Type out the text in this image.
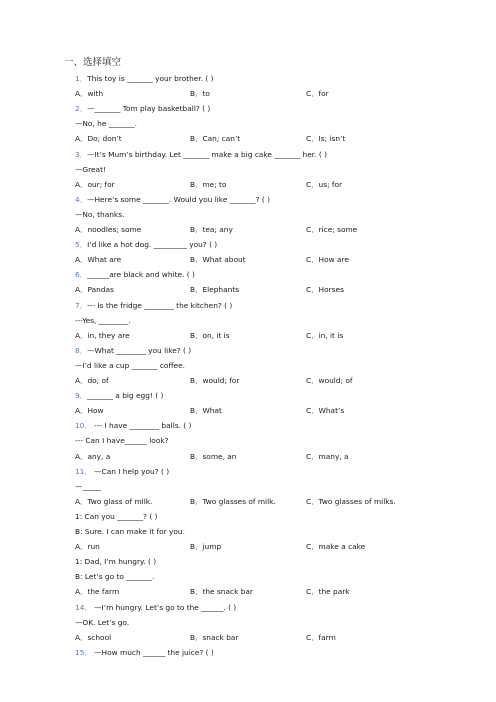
一、选择填空
1．This toy is _______ your brother. ( )
A．with	B．to	C．for
2．—_______ Tom play basketball? ( )
—No, he _______.
A．Do; don’t	B．Can; can’t	C．Is; isn’t
3．—It’s Mum’s birthday. Let _______ make a big cake _______ her. ( )
—Great!
A．our; for	B．me; to	C．us; for
4．—Here’s some _______. Would you like _______? ( )
—No, thanks.
A．noodles; some	B．tea; any	C．rice; some
5．I’d like a hot dog. _________ you? ( )
A．What are	B．What about	C．How are
6．______are black and white. ( )
A．Pandas	B．Elephants	C．Horses
7．--- Is the fridge ________ the kitchen? ( )
---Yes, ________.
A．in, they are	B．on, it is	C．in, it is
8．—What ________ you like? ( )
—I’d like a cup _______ coffee.
A．do; of	B．would; for	C．would; of
9．_______ a big egg! ( )
A．How	B．What	C．What’s
10． --- I have ________ balls. ( )
--- Can I have______ look?
A．any, a	B．some, an	C．many, a
11． —Can I help you? ( )
—_____
A．Two glass of milk.	B．Two glasses of milk.	C．Two glasses of milks.
1: Can you _______? ( )
B: Sure. I can make it for you.
A．run	B．jump	C．make a cake
1: Dad, I’m hungry. ( )
B: Let’s go to _______.
A．the farm	B．the snack bar	C．the park
14． —I’m hungry. Let’s go to the ______. ( )
—OK. Let’s go.
A．school	B．snack bar	C．farm
15． —How much ______ the juice? ( )
